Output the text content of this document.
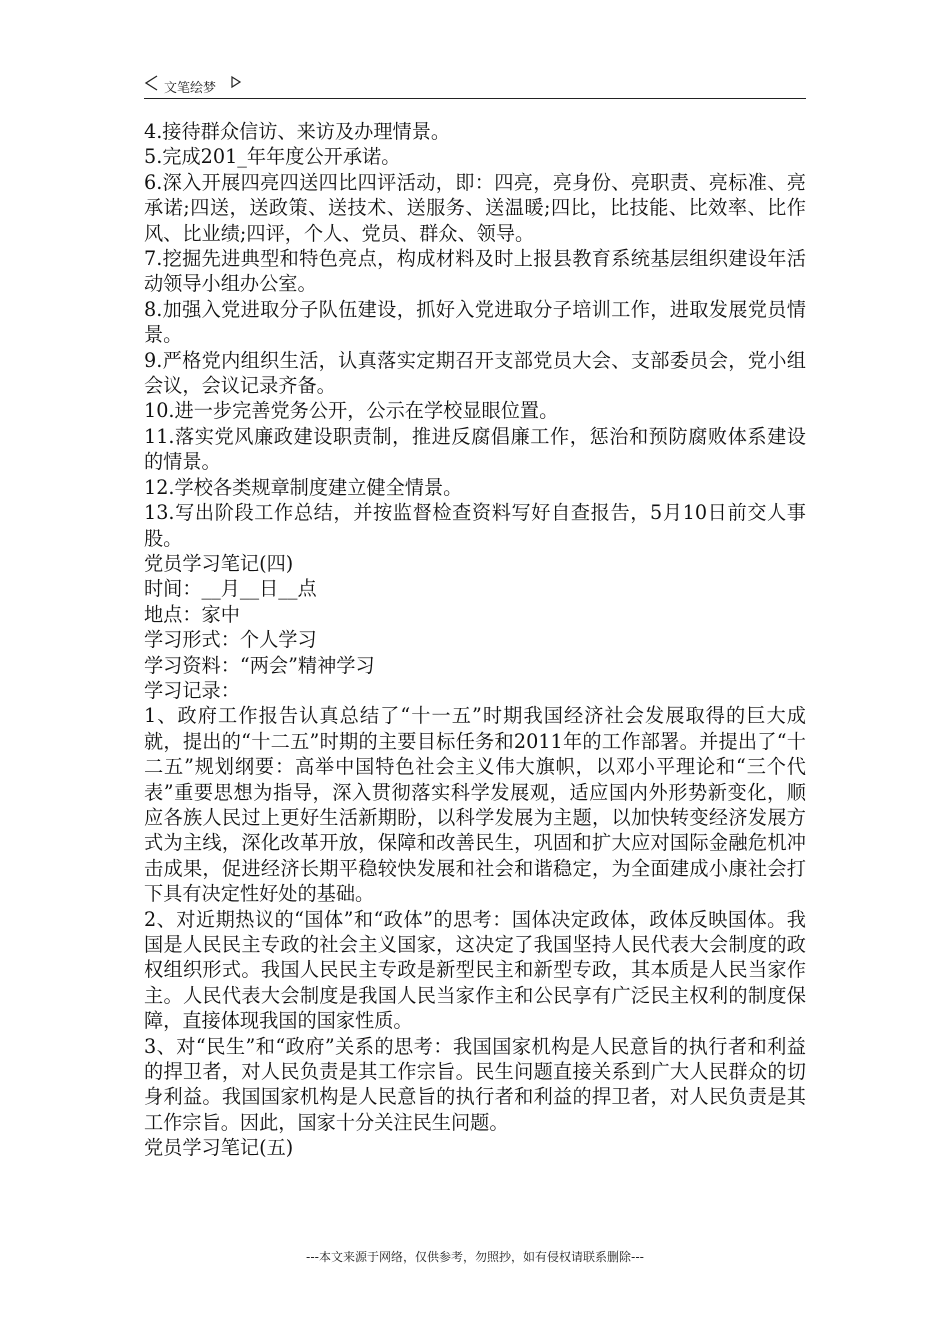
文笔绘梦

4.接待群众信访、来访及办理情景。

5.完成201_年年度公开承诺。

6.深入开展四亮四送四比四评活动，即：四亮，亮身份、亮职责、亮标准、亮承诺;四送，送政策、送技术、送服务、送温暖;四比，比技能、比效率、比作风、比业绩;四评，个人、党员、群众、领导。

7.挖掘先进典型和特色亮点，构成材料及时上报县教育系统基层组织建设年活动领导小组办公室。

8.加强入党进取分子队伍建设，抓好入党进取分子培训工作，进取发展党员情景。

9.严格党内组织生活，认真落实定期召开支部党员大会、支部委员会，党小组会议，会议记录齐备。

10.进一步完善党务公开，公示在学校显眼位置。

11.落实党风廉政建设职责制，推进反腐倡廉工作，惩治和预防腐败体系建设的情景。

12.学校各类规章制度建立健全情景。

13.写出阶段工作总结，并按监督检查资料写好自查报告，5月10日前交人事股。

党员学习笔记(四)

时间：__月__日__点

地点：家中

学习形式：个人学习

学习资料：“两会”精神学习

学习记录：

1、政府工作报告认真总结了“十一五”时期我国经济社会发展取得的巨大成就，提出的“十二五”时期的主要目标任务和2011年的工作部署。并提出了“十二五”规划纲要：高举中国特色社会主义伟大旗帜，以邓小平理论和“三个代表”重要思想为指导，深入贯彻落实科学发展观，适应国内外形势新变化，顺应各族人民过上更好生活新期盼，以科学发展为主题，以加快转变经济发展方式为主线，深化改革开放，保障和改善民生，巩固和扩大应对国际金融危机冲击成果，促进经济长期平稳较快发展和社会和谐稳定，为全面建成小康社会打下具有决定性好处的基础。

2、对近期热议的“国体”和“政体”的思考：国体决定政体，政体反映国体。我国是人民民主专政的社会主义国家，这决定了我国坚持人民代表大会制度的政权组织形式。我国人民民主专政是新型民主和新型专政，其本质是人民当家作主。人民代表大会制度是我国人民当家作主和公民享有广泛民主权利的制度保障，直接体现我国的国家性质。

3、对“民生”和“政府”关系的思考：我国国家机构是人民意旨的执行者和利益的捍卫者，对人民负责是其工作宗旨。民生问题直接关系到广大人民群众的切身利益。我国国家机构是人民意旨的执行者和利益的捍卫者，对人民负责是其工作宗旨。因此，国家十分关注民生问题。

党员学习笔记(五)

---本文来源于网络，仅供参考，勿照抄，如有侵权请联系删除---
